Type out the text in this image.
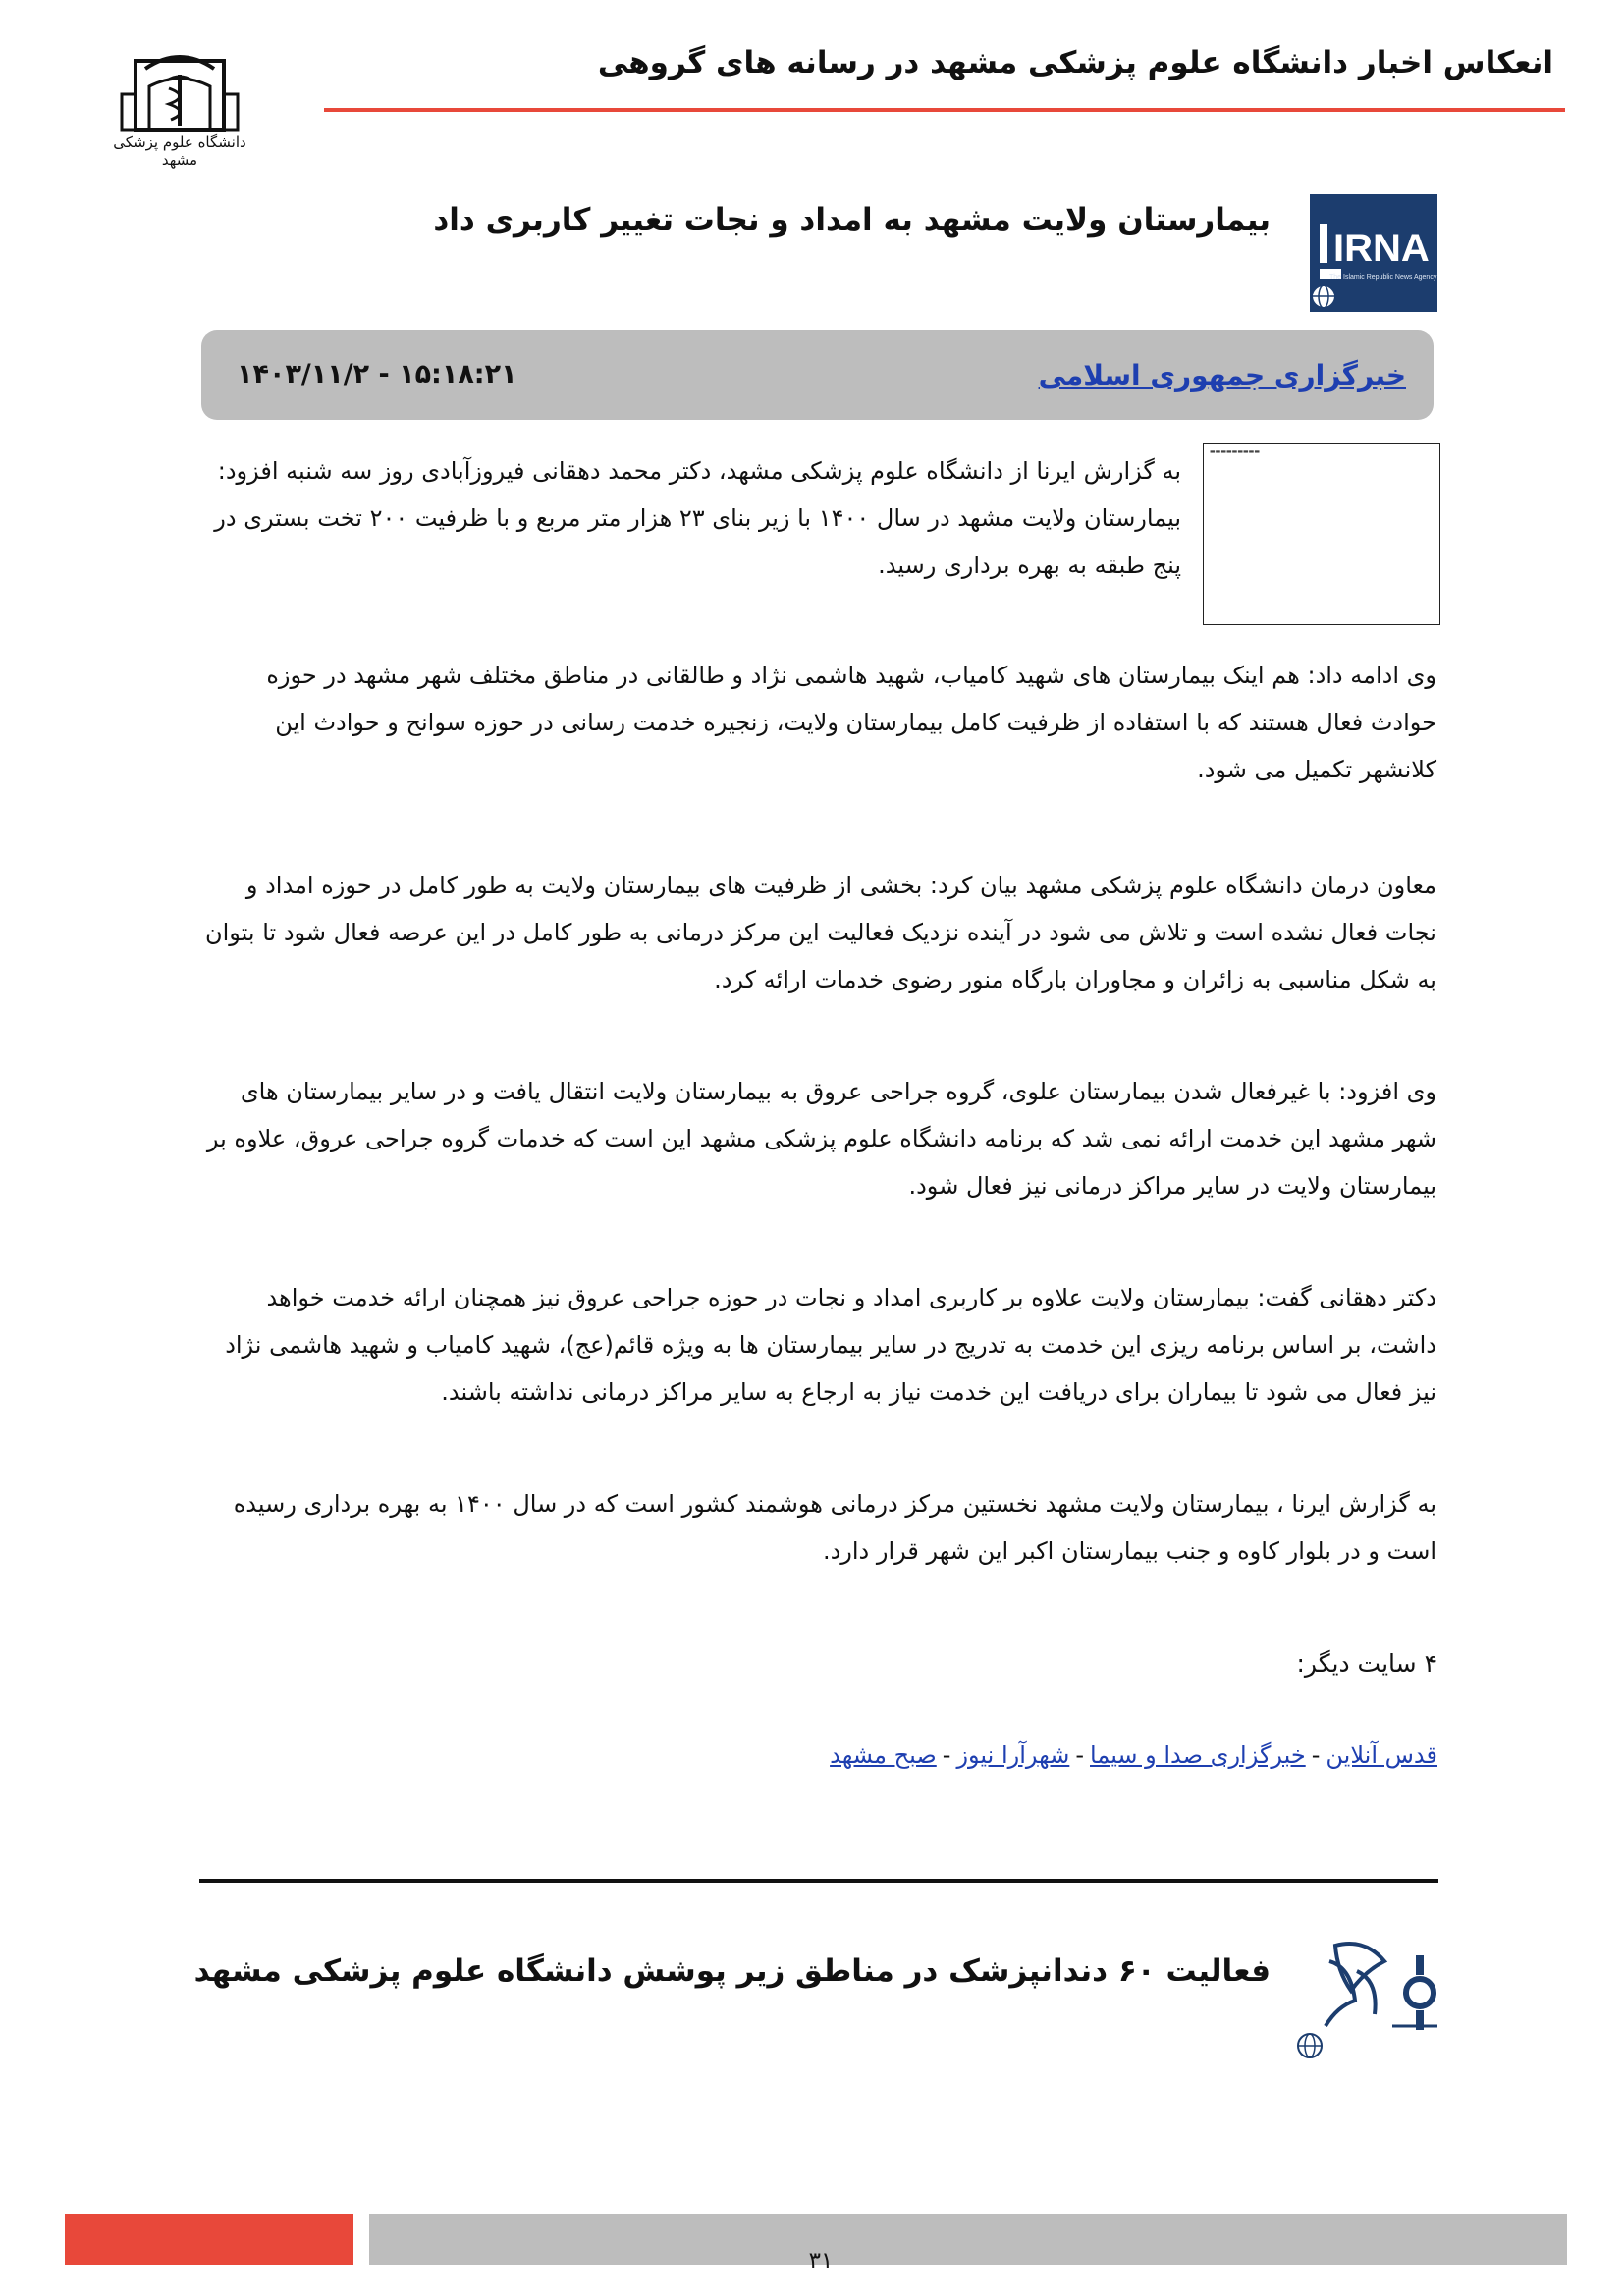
انعکاس اخبار دانشگاه علوم پزشکی مشهد در رسانه های گروهی
دانشگاه علوم پزشکی مشهد
IRNA
The Islamic Republic News Agency
بیمارستان ولایت مشهد به امداد و نجات تغییر کاربری داد
خبرگزاری جمهوری اسلامی
۱۴۰۳/۱۱/۲ - ۱۵:۱۸:۲۱
▬▬▬▬▬▬▬▬▬
به گزارش ایرنا از دانشگاه علوم پزشکی مشهد، دکتر محمد دهقانی فیروزآبادی روز سه شنبه افزود: بیمارستان ولایت مشهد در سال ۱۴۰۰ با زیر بنای ۲۳ هزار متر مربع و با ظرفیت ۲۰۰ تخت بستری در پنج طبقه به بهره برداری رسید.
وی ادامه داد: هم اینک بیمارستان های شهید کامیاب، شهید هاشمی نژاد و طالقانی در مناطق مختلف شهر مشهد در حوزه حوادث فعال هستند که با استفاده از ظرفیت کامل بیمارستان ولایت، زنجیره خدمت رسانی در حوزه سوانح و حوادث این کلانشهر تکمیل می شود.
معاون درمان دانشگاه علوم پزشکی مشهد بیان کرد: بخشی از ظرفیت های بیمارستان ولایت به طور کامل در حوزه امداد و نجات فعال نشده است و تلاش می شود در آینده نزدیک فعالیت این مرکز درمانی به طور کامل در این عرصه فعال شود تا بتوان به شکل مناسبی به زائران و مجاوران بارگاه منور رضوی خدمات ارائه کرد.
وی افزود: با غیرفعال شدن بیمارستان علوی، گروه جراحی عروق به بیمارستان ولایت انتقال یافت و در سایر بیمارستان های شهر مشهد این خدمت ارائه نمی شد که برنامه دانشگاه علوم پزشکی مشهد این است که خدمات گروه جراحی عروق، علاوه بر بیمارستان ولایت در سایر مراکز درمانی نیز فعال شود.
دکتر دهقانی گفت: بیمارستان ولایت علاوه بر کاربری امداد و نجات در حوزه جراحی عروق نیز همچنان ارائه خدمت خواهد داشت، بر اساس برنامه ریزی این خدمت به تدریج در سایر بیمارستان ها به ویژه قائم(عج)، شهید کامیاب و شهید هاشمی نژاد نیز فعال می شود تا بیماران برای دریافت این خدمت نیاز به ارجاع به سایر مراکز درمانی نداشته باشند.
به گزارش ایرنا ، بیمارستان ولایت مشهد نخستین مرکز درمانی هوشمند کشور است که در سال ۱۴۰۰ به بهره برداری رسیده است و در بلوار کاوه و جنب بیمارستان اکبر این شهر قرار دارد.
۴ سایت دیگر:
قدس آنلاین-خبرگزاری صدا و سیما-شهرآرا نیوز-صبح مشهد
فعالیت ۶۰ دندانپزشک در مناطق زیر پوشش دانشگاه علوم پزشکی مشهد
۳۱
